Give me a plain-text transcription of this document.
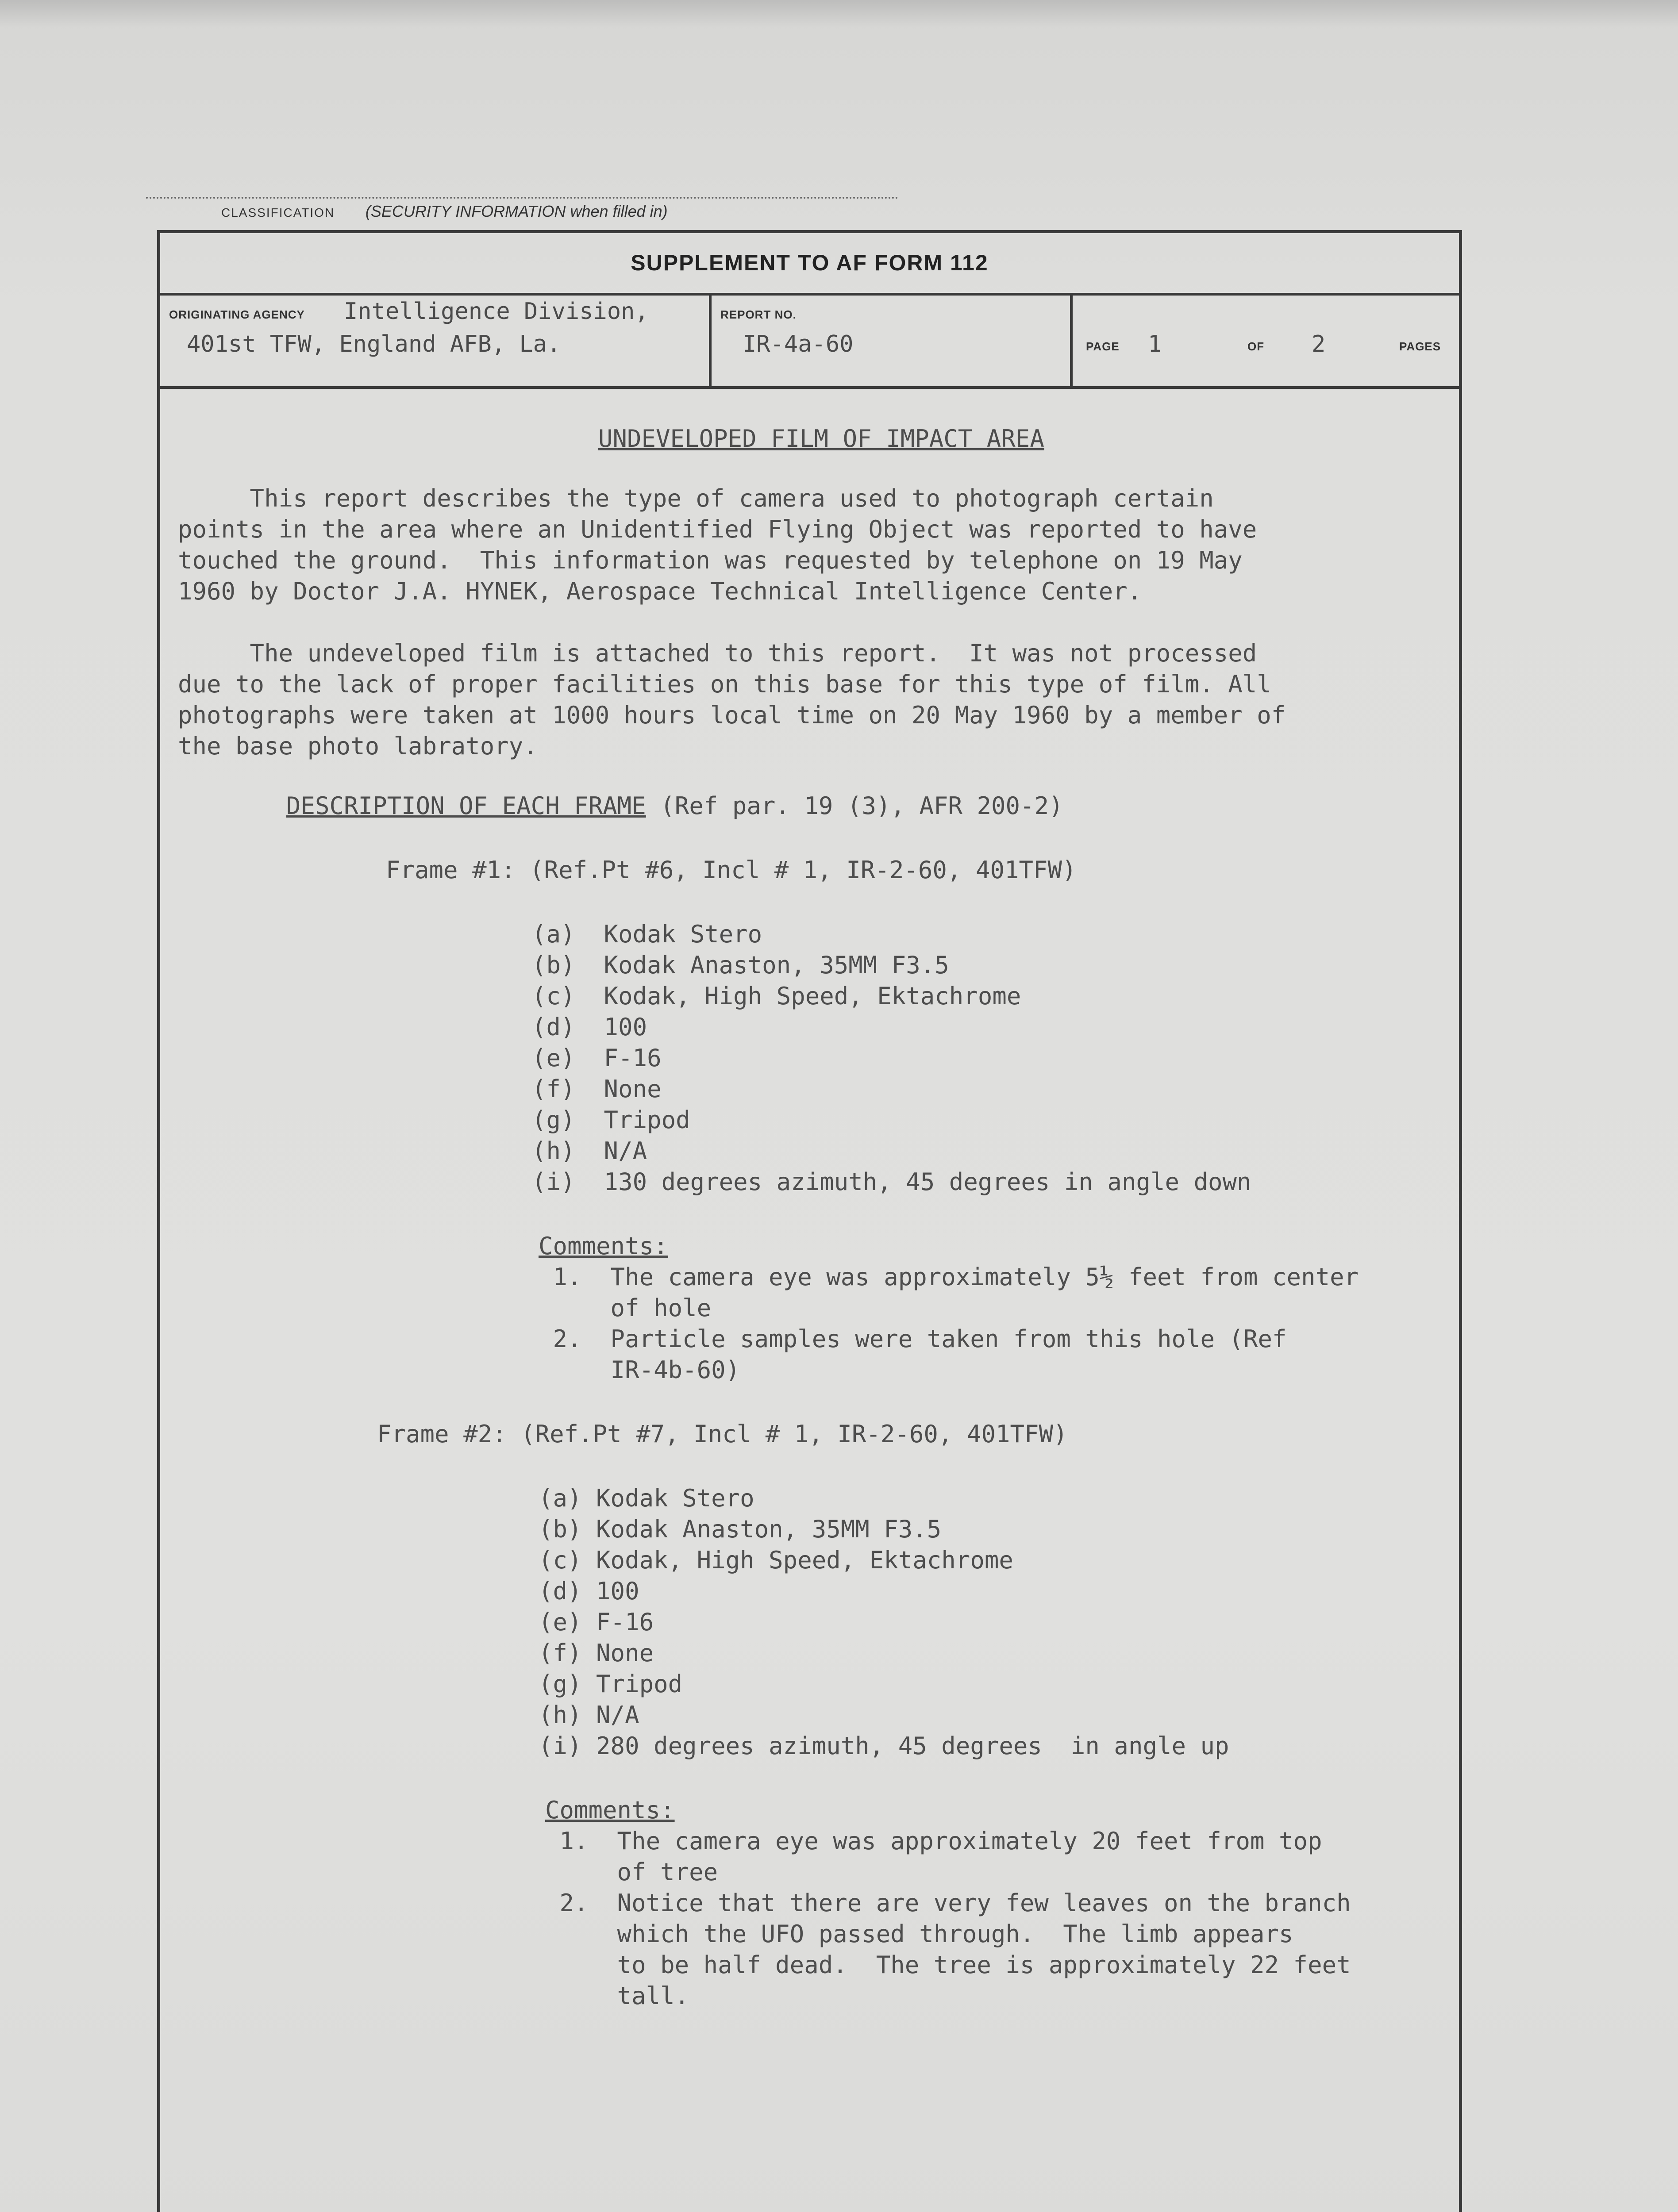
CLASSIFICATION (SECURITY INFORMATION when filled in)
SUPPLEMENT TO AF FORM 112
ORIGINATING AGENCY Intelligence Division,
401st TFW, England AFB, La.
REPORT NO.
IR-4a-60	PAGE 1	OF 2	PAGES
UNDEVELOPED FILM OF IMPACT AREA
This report describes the type of camera used to photograph certain
points in the area where an Unidentified Flying Object was reported to have
touched the ground.  This information was requested by telephone on 19 May
1960 by Doctor J.A. HYNEK, Aerospace Technical Intelligence Center.
The undeveloped film is attached to this report.  It was not processed
due to the lack of proper facilities on this base for this type of film. All
photographs were taken at 1000 hours local time on 20 May 1960 by a member of
the base photo labratory.
DESCRIPTION OF EACH FRAME (Ref par. 19 (3), AFR 200-2)
Frame #1: (Ref.Pt #6, Incl # 1, IR-2-60, 401TFW)
(a)  Kodak Stero
(b)  Kodak Anaston, 35MM F3.5
(c)  Kodak, High Speed, Ektachrome
(d)  100
(e)  F-16
(f)  None
(g)  Tripod
(h)  N/A
(i)  130 degrees azimuth, 45 degrees in angle down
Comments:
1.  The camera eye was approximately 5½ feet from center
of hole
2.  Particle samples were taken from this hole (Ref
IR-4b-60)
Frame #2: (Ref.Pt #7, Incl # 1, IR-2-60, 401TFW)
(a) Kodak Stero
(b) Kodak Anaston, 35MM F3.5
(c) Kodak, High Speed, Ektachrome
(d) 100
(e) F-16
(f) None
(g) Tripod
(h) N/A
(i) 280 degrees azimuth, 45 degrees  in angle up
Comments:
1.  The camera eye was approximately 20 feet from top
of tree
2.  Notice that there are very few leaves on the branch
which the UFO passed through.  The limb appears
to be half dead.  The tree is approximately 22 feet
tall.
